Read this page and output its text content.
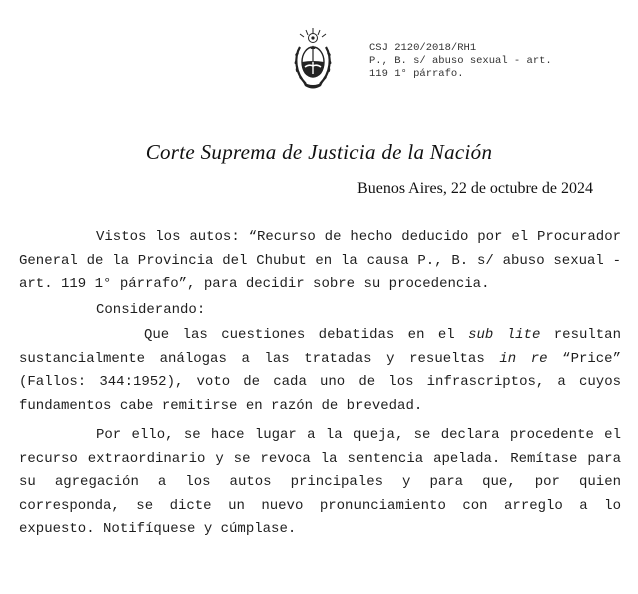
CSJ 2120/2018/RH1
P., B. s/ abuso sexual - art.
119 1° párrafo.
Corte Suprema de Justicia de la Nación
Buenos Aires, 22 de octubre de 2024

Vistos los autos: “Recurso de hecho deducido por el Procurador General de la Provincia del Chubut en la causa P., B. s/ abuso sexual - art. 119 1° párrafo”, para decidir sobre su procedencia.

Considerando:

Que las cuestiones debatidas en el sub lite resultan sustancialmente análogas a las tratadas y resueltas in re “Price” (Fallos: 344:1952), voto de cada uno de los infrascriptos, a cuyos fundamentos cabe remitirse en razón de brevedad.

Por ello, se hace lugar a la queja, se declara procedente el recurso extraordinario y se revoca la sentencia apelada. Remítase para su agregación a los autos principales y para que, por quien corresponda, se dicte un nuevo pronunciamiento con arreglo a lo expuesto. Notifíquese y cúmplase.
